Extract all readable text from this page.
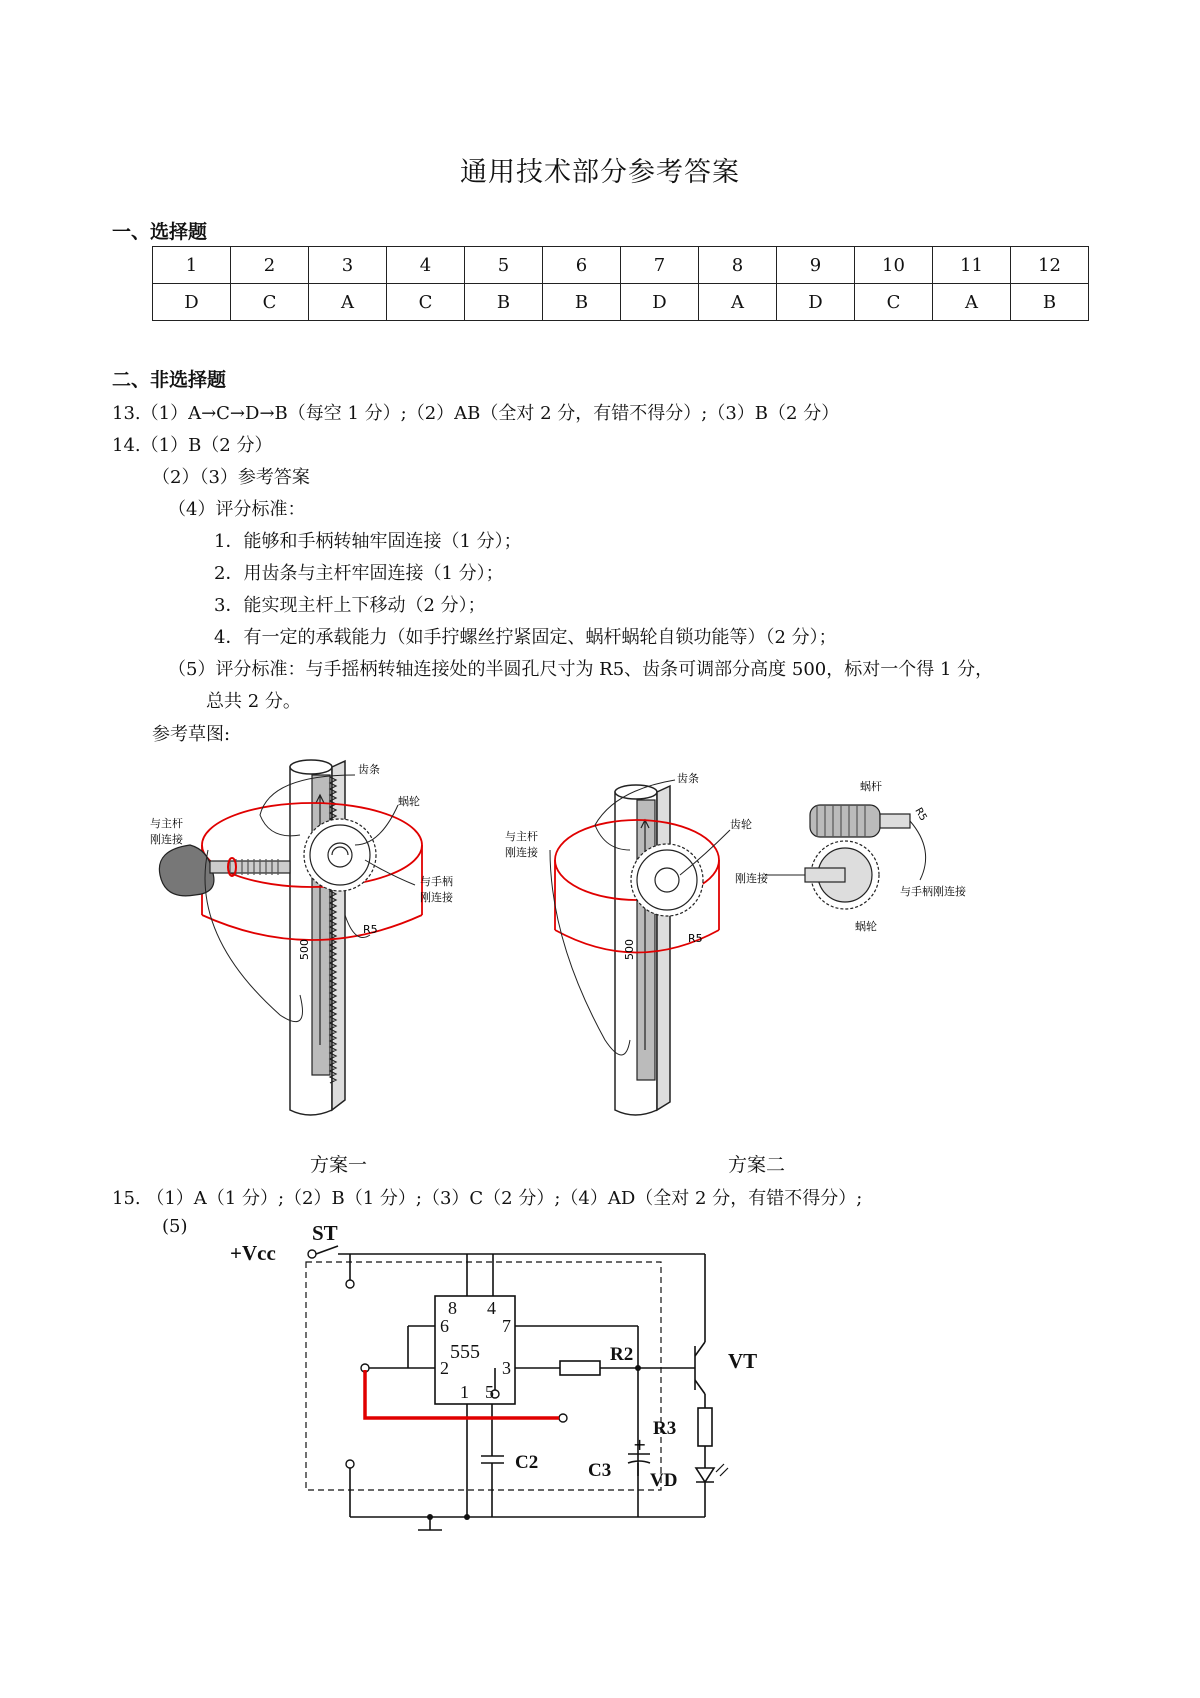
通用技术部分参考答案
一、选择题
1	2	3	4	5	6	7	8	9	10	11	12
D	C	A	C	B	B	D	A	D	C	A	B
二、非选择题
13.（1）A→C→D→B（每空 1 分）;（2）AB（全对 2 分，有错不得分）;（3）B（2 分）
14.（1）B（2 分）
（2）（3）参考答案
（4）评分标准：
1．能够和手柄转轴牢固连接（1 分）；
2．用齿条与主杆牢固连接（1 分）；
3．能实现主杆上下移动（2 分）；
4．有一定的承载能力（如手拧螺丝拧紧固定、蜗杆蜗轮自锁功能等）（2 分）；
（5）评分标准：与手摇柄转轴连接处的半圆孔尺寸为 R5、齿条可调部分高度 500，标对一个得 1 分，
总共 2 分。
参考草图:
齿条
与主杆
刚连接
蜗轮
与手柄
刚连接
500
R5
齿条
与主杆
刚连接
齿轮
500
R5
蜗杆
R5
刚连接
与手柄刚连接
蜗轮
方案一	方案二
15. （1）A（1 分）;（2）B（1 分）;（3）C（2 分）;（4）AD（全对 2 分，有错不得分）;
(5)
+Vcc
ST
R2	VT
R3
C2	C3 VD
+
8 4
6	7
555
2	3
1 5
